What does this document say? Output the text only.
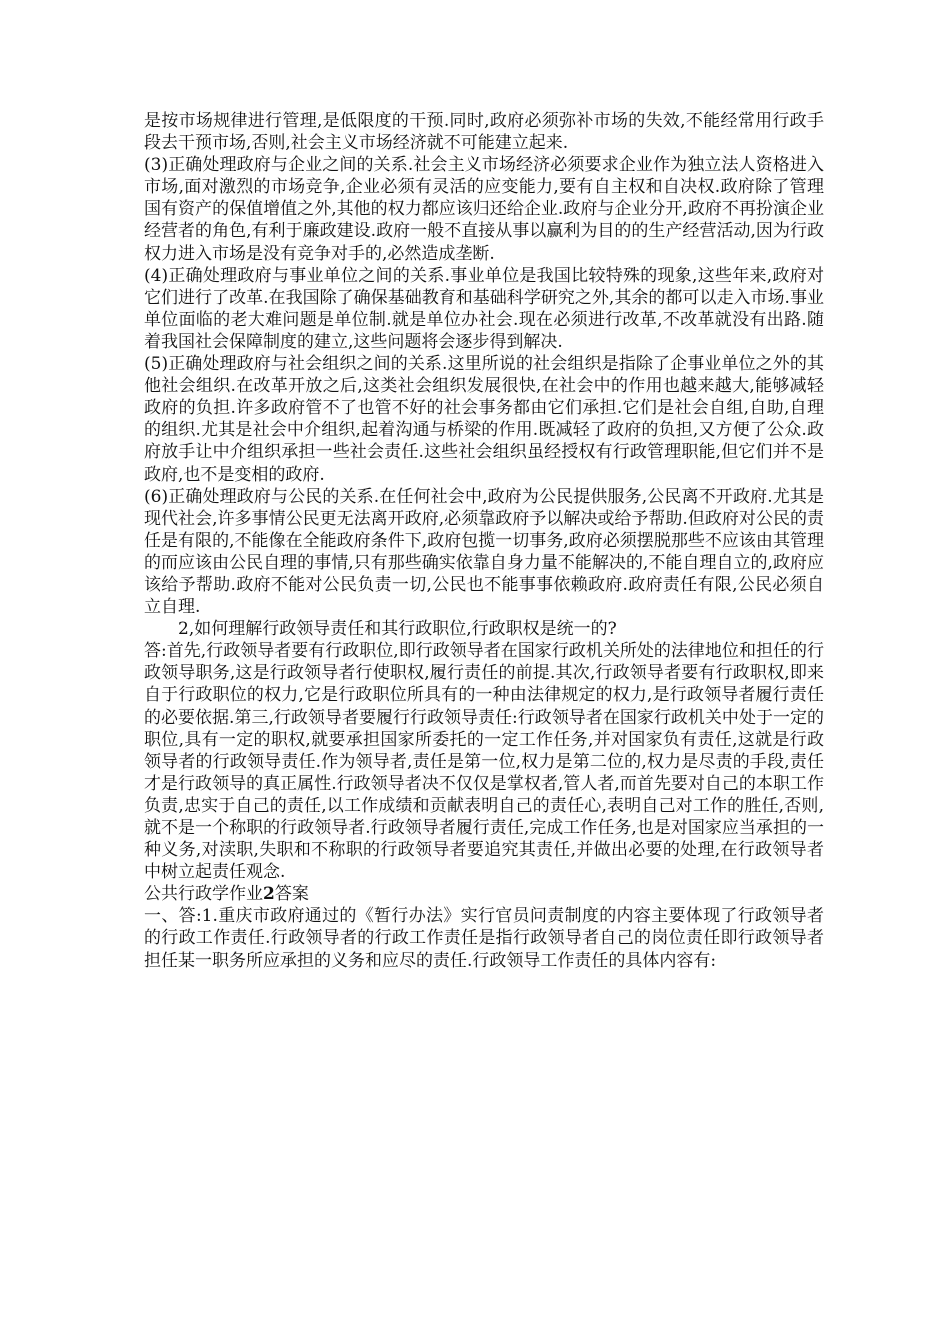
是按市场规律进行管理,是低限度的干预.同时,政府必须弥补市场的失效,不能经常用行政手段去干预市场,否则,社会主义市场经济就不可能建立起来.

(3)正确处理政府与企业之间的关系.社会主义市场经济必须要求企业作为独立法人资格进入市场,面对激烈的市场竞争,企业必须有灵活的应变能力,要有自主权和自决权.政府除了管理国有资产的保值增值之外,其他的权力都应该归还给企业.政府与企业分开,政府不再扮演企业经营者的角色,有利于廉政建设.政府一般不直接从事以赢利为目的的生产经营活动,因为行政权力进入市场是没有竞争对手的,必然造成垄断.

(4)正确处理政府与事业单位之间的关系.事业单位是我国比较特殊的现象,这些年来,政府对它们进行了改革.在我国除了确保基础教育和基础科学研究之外,其余的都可以走入市场.事业单位面临的老大难问题是单位制.就是单位办社会.现在必须进行改革,不改革就没有出路.随着我国社会保障制度的建立,这些问题将会逐步得到解决.

(5)正确处理政府与社会组织之间的关系.这里所说的社会组织是指除了企事业单位之外的其他社会组织.在改革开放之后,这类社会组织发展很快,在社会中的作用也越来越大,能够减轻政府的负担.许多政府管不了也管不好的社会事务都由它们承担.它们是社会自组,自助,自理的组织.尤其是社会中介组织,起着沟通与桥梁的作用.既减轻了政府的负担,又方便了公众.政府放手让中介组织承担一些社会责任.这些社会组织虽经授权有行政管理职能,但它们并不是政府,也不是变相的政府.

(6)正确处理政府与公民的关系.在任何社会中,政府为公民提供服务,公民离不开政府.尤其是现代社会,许多事情公民更无法离开政府,必须靠政府予以解决或给予帮助.但政府对公民的责任是有限的,不能像在全能政府条件下,政府包揽一切事务,政府必须摆脱那些不应该由其管理的而应该由公民自理的事情,只有那些确实依靠自身力量不能解决的,不能自理自立的,政府应该给予帮助.政府不能对公民负责一切,公民也不能事事依赖政府.政府责任有限,公民必须自立自理.

2,如何理解行政领导责任和其行政职位,行政职权是统一的?

答:首先,行政领导者要有行政职位,即行政领导者在国家行政机关所处的法律地位和担任的行政领导职务,这是行政领导者行使职权,履行责任的前提.其次,行政领导者要有行政职权,即来自于行政职位的权力,它是行政职位所具有的一种由法律规定的权力,是行政领导者履行责任的必要依据.第三,行政领导者要履行行政领导责任:行政领导者在国家行政机关中处于一定的职位,具有一定的职权,就要承担国家所委托的一定工作任务,并对国家负有责任,这就是行政领导者的行政领导责任.作为领导者,责任是第一位,权力是第二位的,权力是尽责的手段,责任才是行政领导的真正属性.行政领导者决不仅仅是掌权者,管人者,而首先要对自己的本职工作负责,忠实于自己的责任,以工作成绩和贡献表明自己的责任心,表明自己对工作的胜任,否则,就不是一个称职的行政领导者.行政领导者履行责任,完成工作任务,也是对国家应当承担的一种义务,对渎职,失职和不称职的行政领导者要追究其责任,并做出必要的处理,在行政领导者中树立起责任观念.

公共行政学作业2答案

一、答:1.重庆市政府通过的《暂行办法》实行官员问责制度的内容主要体现了行政领导者的行政工作责任.行政领导者的行政工作责任是指行政领导者自己的岗位责任即行政领导者担任某一职务所应承担的义务和应尽的责任.行政领导工作责任的具体内容有:
